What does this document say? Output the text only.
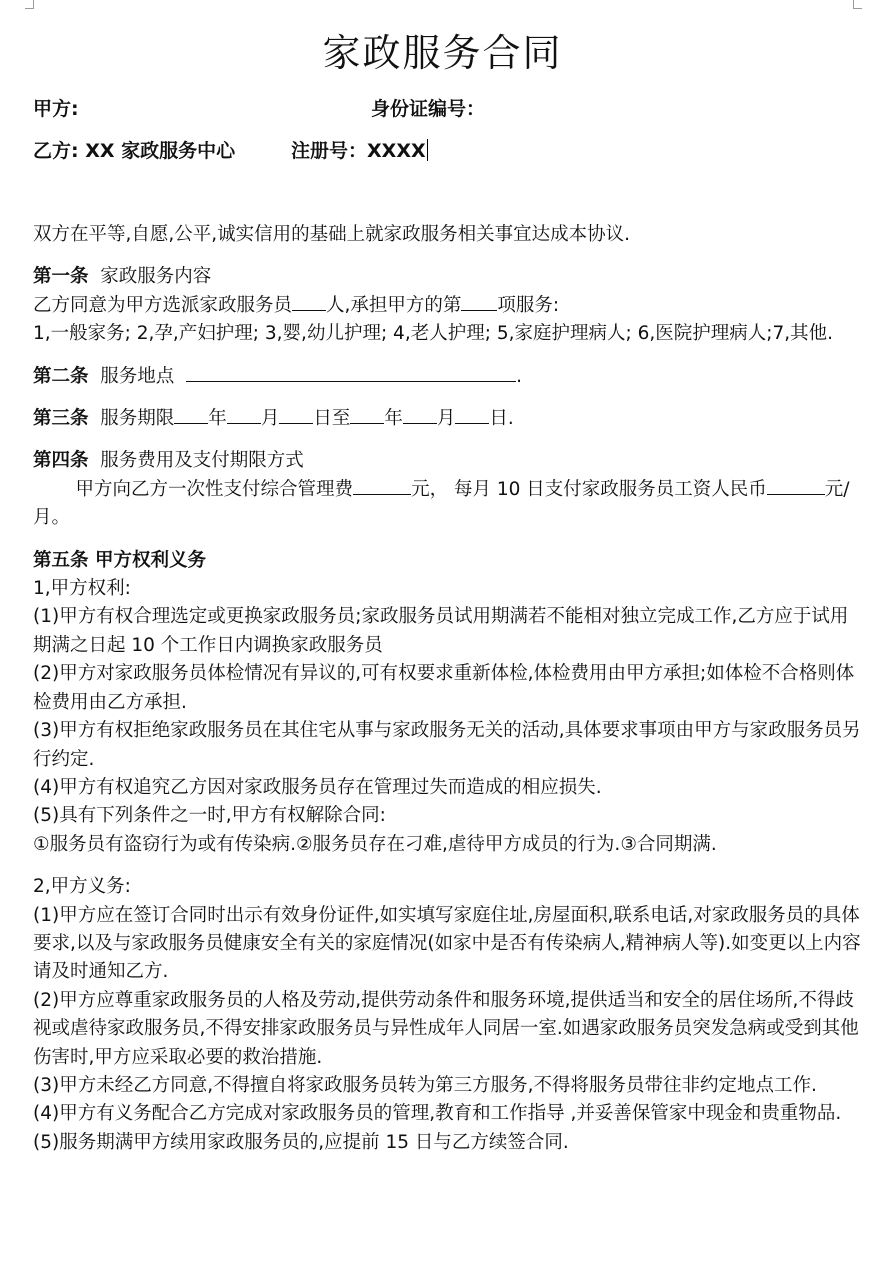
家政服务合同
甲方:	身份证编号：
乙方: XX 家政服务中心	注册号：XXXX

双方在平等,自愿,公平,诚实信用的基础上就家政服务相关事宜达成本协议.

第一条 家政服务内容

乙方同意为甲方选派家政服务员 人,承担甲方的第 项服务:

1,一般家务; 2,孕,产妇护理; 3,婴,幼儿护理; 4,老人护理; 5,家庭护理病人; 6,医院护理病人;7,其他.

第二条 服务地点	.

第三条 服务期限 年 月 日至 年 月 日.

第四条 服务费用及支付期限方式

甲方向乙方一次性支付综合管理费	元， 每月 10 日支付家政服务员工资人民币	元/月。

第五条 甲方权利义务

1,甲方权利:

(1)甲方有权合理选定或更换家政服务员;家政服务员试用期满若不能相对独立完成工作,乙方应于试用期满之日起 10 个工作日内调换家政服务员

(2)甲方对家政服务员体检情况有异议的,可有权要求重新体检,体检费用由甲方承担;如体检不合格则体检费用由乙方承担.

(3)甲方有权拒绝家政服务员在其住宅从事与家政服务无关的活动,具体要求事项由甲方与家政服务员另行约定.

(4)甲方有权追究乙方因对家政服务员存在管理过失而造成的相应损失.

(5)具有下列条件之一时,甲方有权解除合同:

①服务员有盗窃行为或有传染病.②服务员存在刁难,虐待甲方成员的行为.③合同期满.

2,甲方义务:

(1)甲方应在签订合同时出示有效身份证件,如实填写家庭住址,房屋面积,联系电话,对家政服务员的具体要求,以及与家政服务员健康安全有关的家庭情况(如家中是否有传染病人,精神病人等).如变更以上内容请及时通知乙方.

(2)甲方应尊重家政服务员的人格及劳动,提供劳动条件和服务环境,提供适当和安全的居住场所,不得歧视或虐待家政服务员,不得安排家政服务员与异性成年人同居一室.如遇家政服务员突发急病或受到其他伤害时,甲方应采取必要的救治措施.

(3)甲方未经乙方同意,不得擅自将家政服务员转为第三方服务,不得将服务员带往非约定地点工作.

(4)甲方有义务配合乙方完成对家政服务员的管理,教育和工作指导 ,并妥善保管家中现金和贵重物品.

(5)服务期满甲方续用家政服务员的,应提前 15 日与乙方续签合同.
